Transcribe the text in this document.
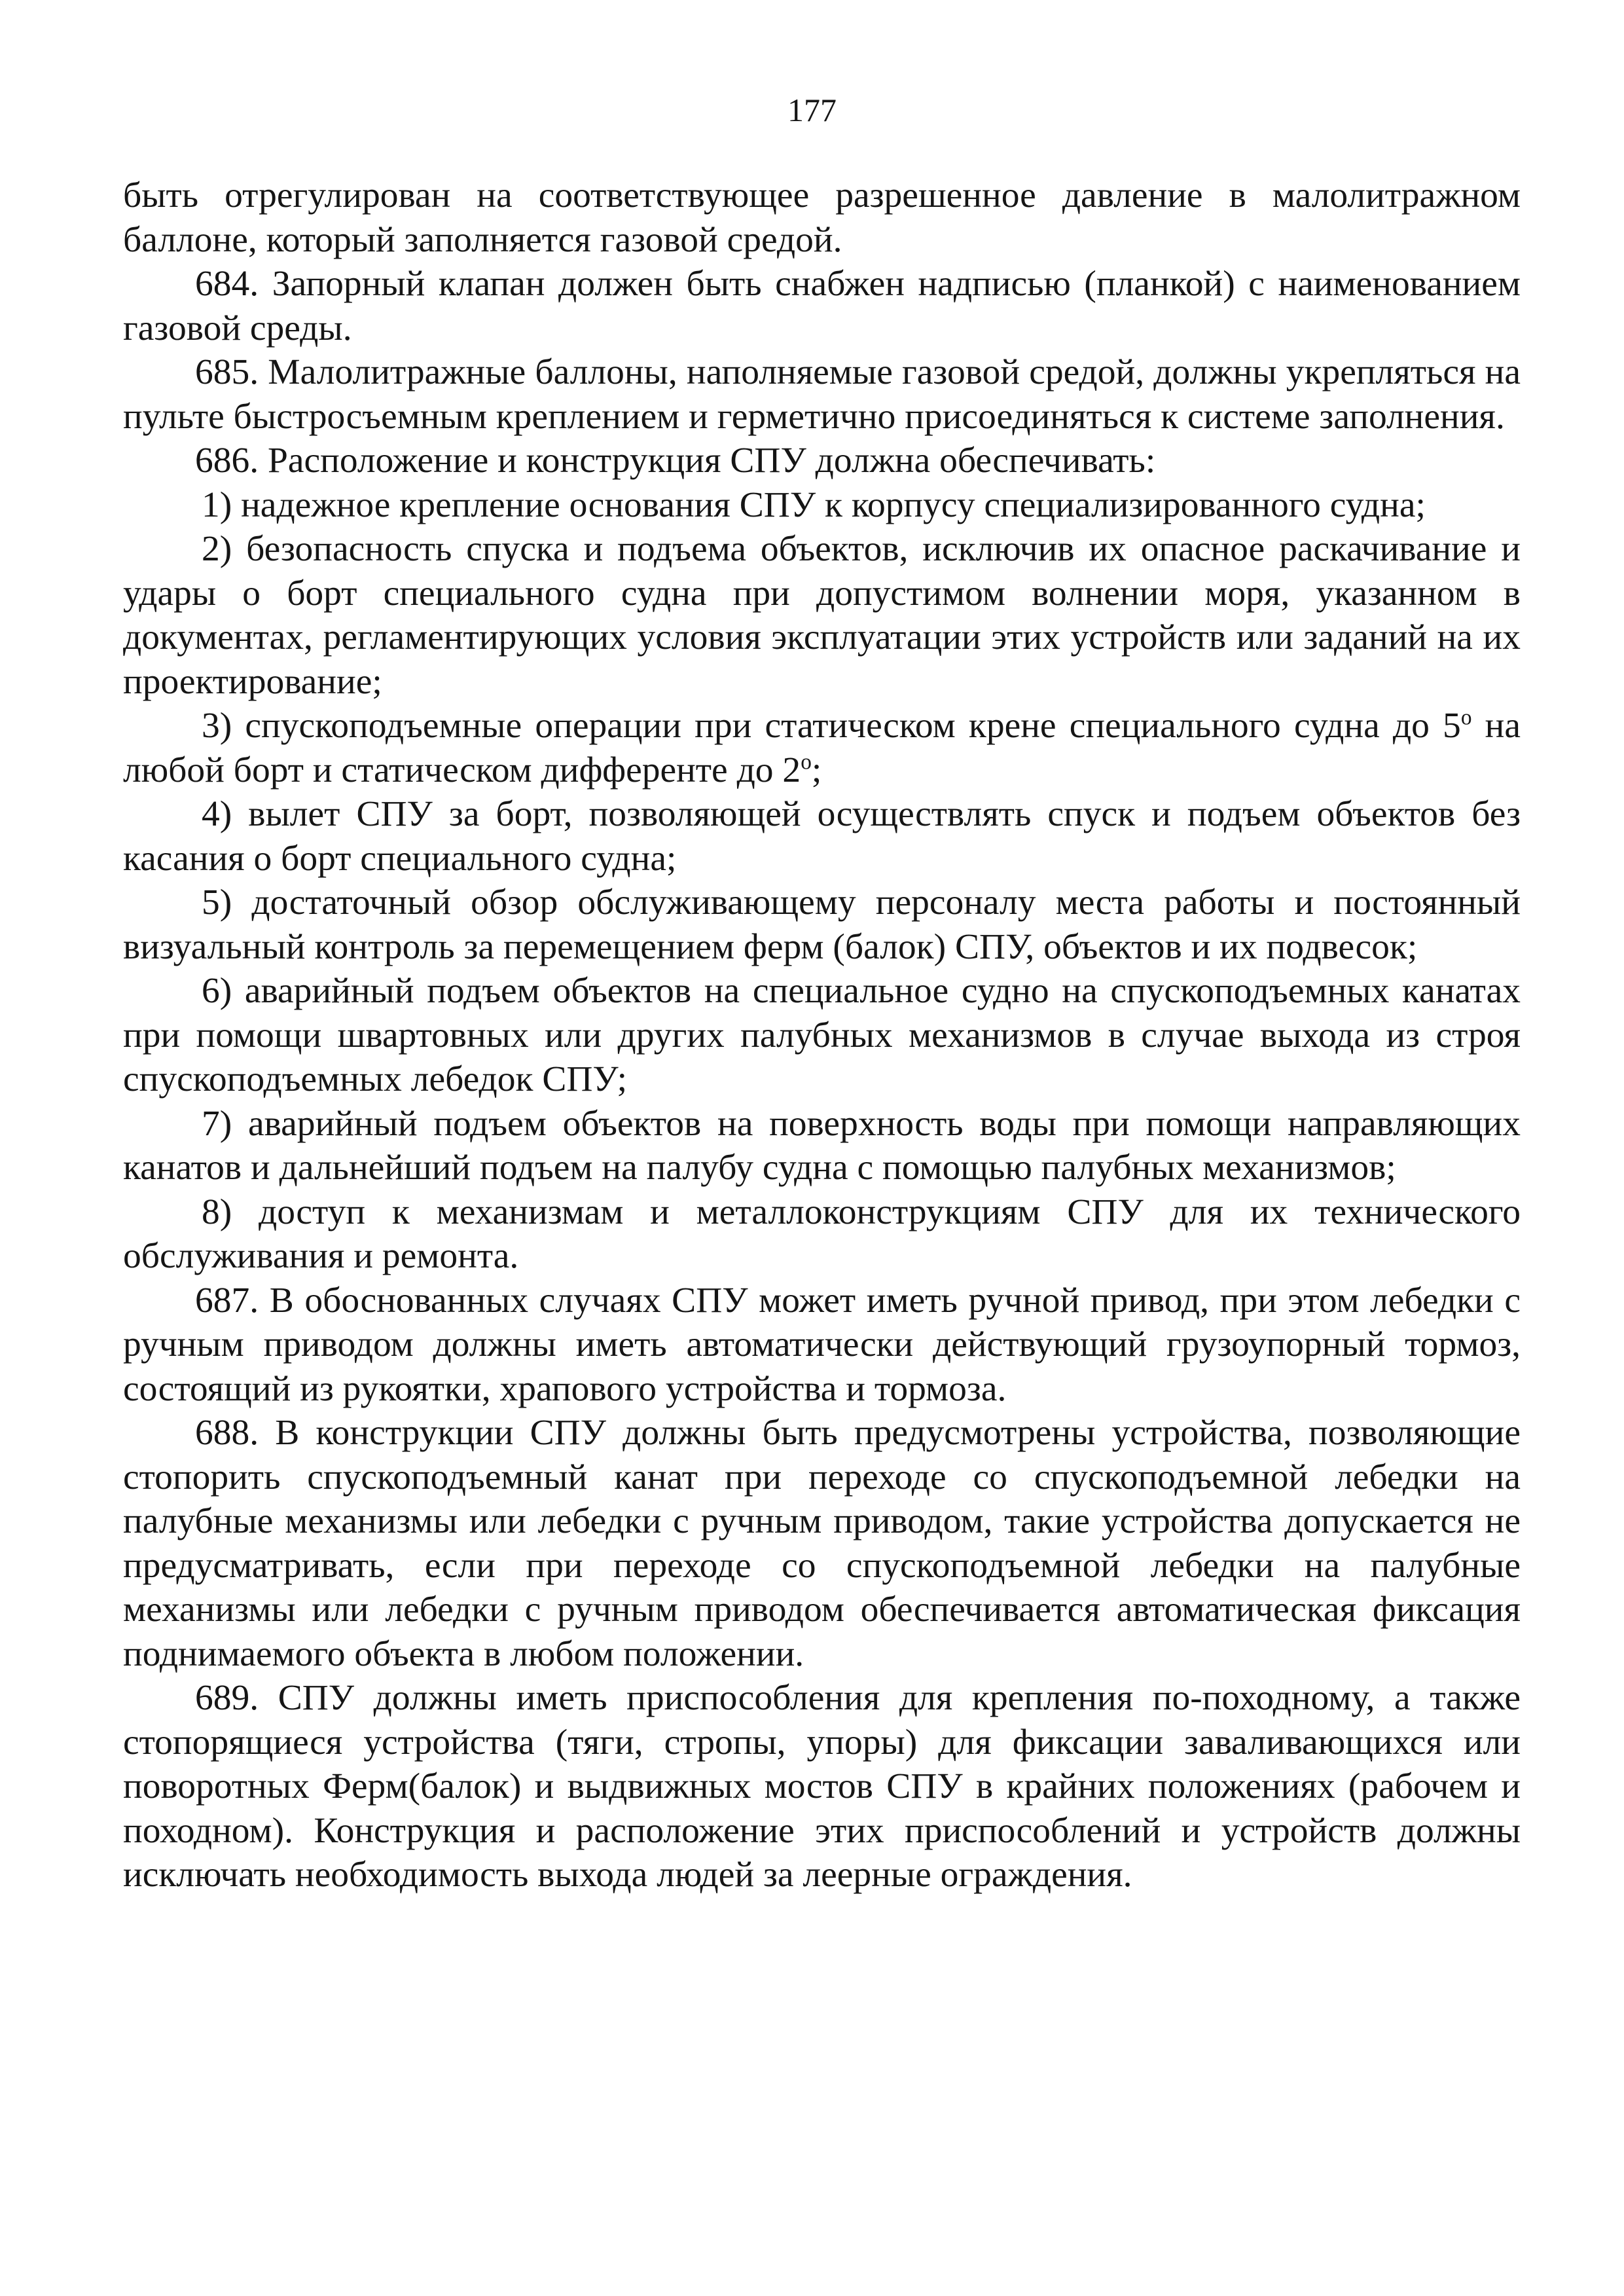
177

быть отрегулирован на соответствующее разрешенное давление в малолитражном баллоне, который заполняется газовой средой.

684. Запорный клапан должен быть снабжен надписью (планкой) с наименованием газовой среды.

685. Малолитражные баллоны, наполняемые газовой средой, должны укрепляться на пульте быстросъемным креплением и герметично присоединяться к системе заполнения.

686. Расположение и конструкция СПУ должна обеспечивать:

1) надежное крепление основания СПУ к корпусу специализированного судна;

2) безопасность спуска и подъема объектов, исключив их опасное раскачивание и удары о борт специального судна при допустимом волнении моря, указанном в документах, регламентирующих условия эксплуатации этих устройств или заданий на их проектирование;

3) спускоподъемные операции при статическом крене специального судна до $5^о$ на любой борт и статическом дифференте до $2^о$;

4) вылет СПУ за борт, позволяющей осуществлять спуск и подъем объектов без касания о борт специального судна;

5) достаточный обзор обслуживающему персоналу места работы и постоянный визуальный контроль за перемещением ферм (балок) СПУ, объектов и их подвесок;

6) аварийный подъем объектов на специальное судно на спускоподъемных канатах при помощи швартовных или других палубных механизмов в случае выхода из строя спускоподъемных лебедок СПУ;

7) аварийный подъем объектов на поверхность воды при помощи направляющих канатов и дальнейший подъем на палубу судна с помощью палубных механизмов;

8) доступ к механизмам и металлоконструкциям СПУ для их технического обслуживания и ремонта.

687. В обоснованных случаях СПУ может иметь ручной привод, при этом лебедки с ручным приводом должны иметь автоматически действующий грузоупорный тормоз, состоящий из рукоятки, храпового устройства и тормоза.

688. В конструкции СПУ должны быть предусмотрены устройства, позволяющие стопорить спускоподъемный канат при переходе со спускоподъемной лебедки на палубные механизмы или лебедки с ручным приводом, такие устройства допускается не предусматривать, если при переходе со спускоподъемной лебедки на палубные механизмы или лебедки с ручным приводом обеспечивается автоматическая фиксация поднимаемого объекта в любом положении.

689. СПУ должны иметь приспособления для крепления по-походному, а также стопорящиеся устройства (тяги, стропы, упоры) для фиксации заваливающихся или поворотных Ферм(балок) и выдвижных мостов СПУ в крайних положениях (рабочем и походном). Конструкция и расположение этих приспособлений и устройств должны исключать необходимость выхода людей за леерные ограждения.
